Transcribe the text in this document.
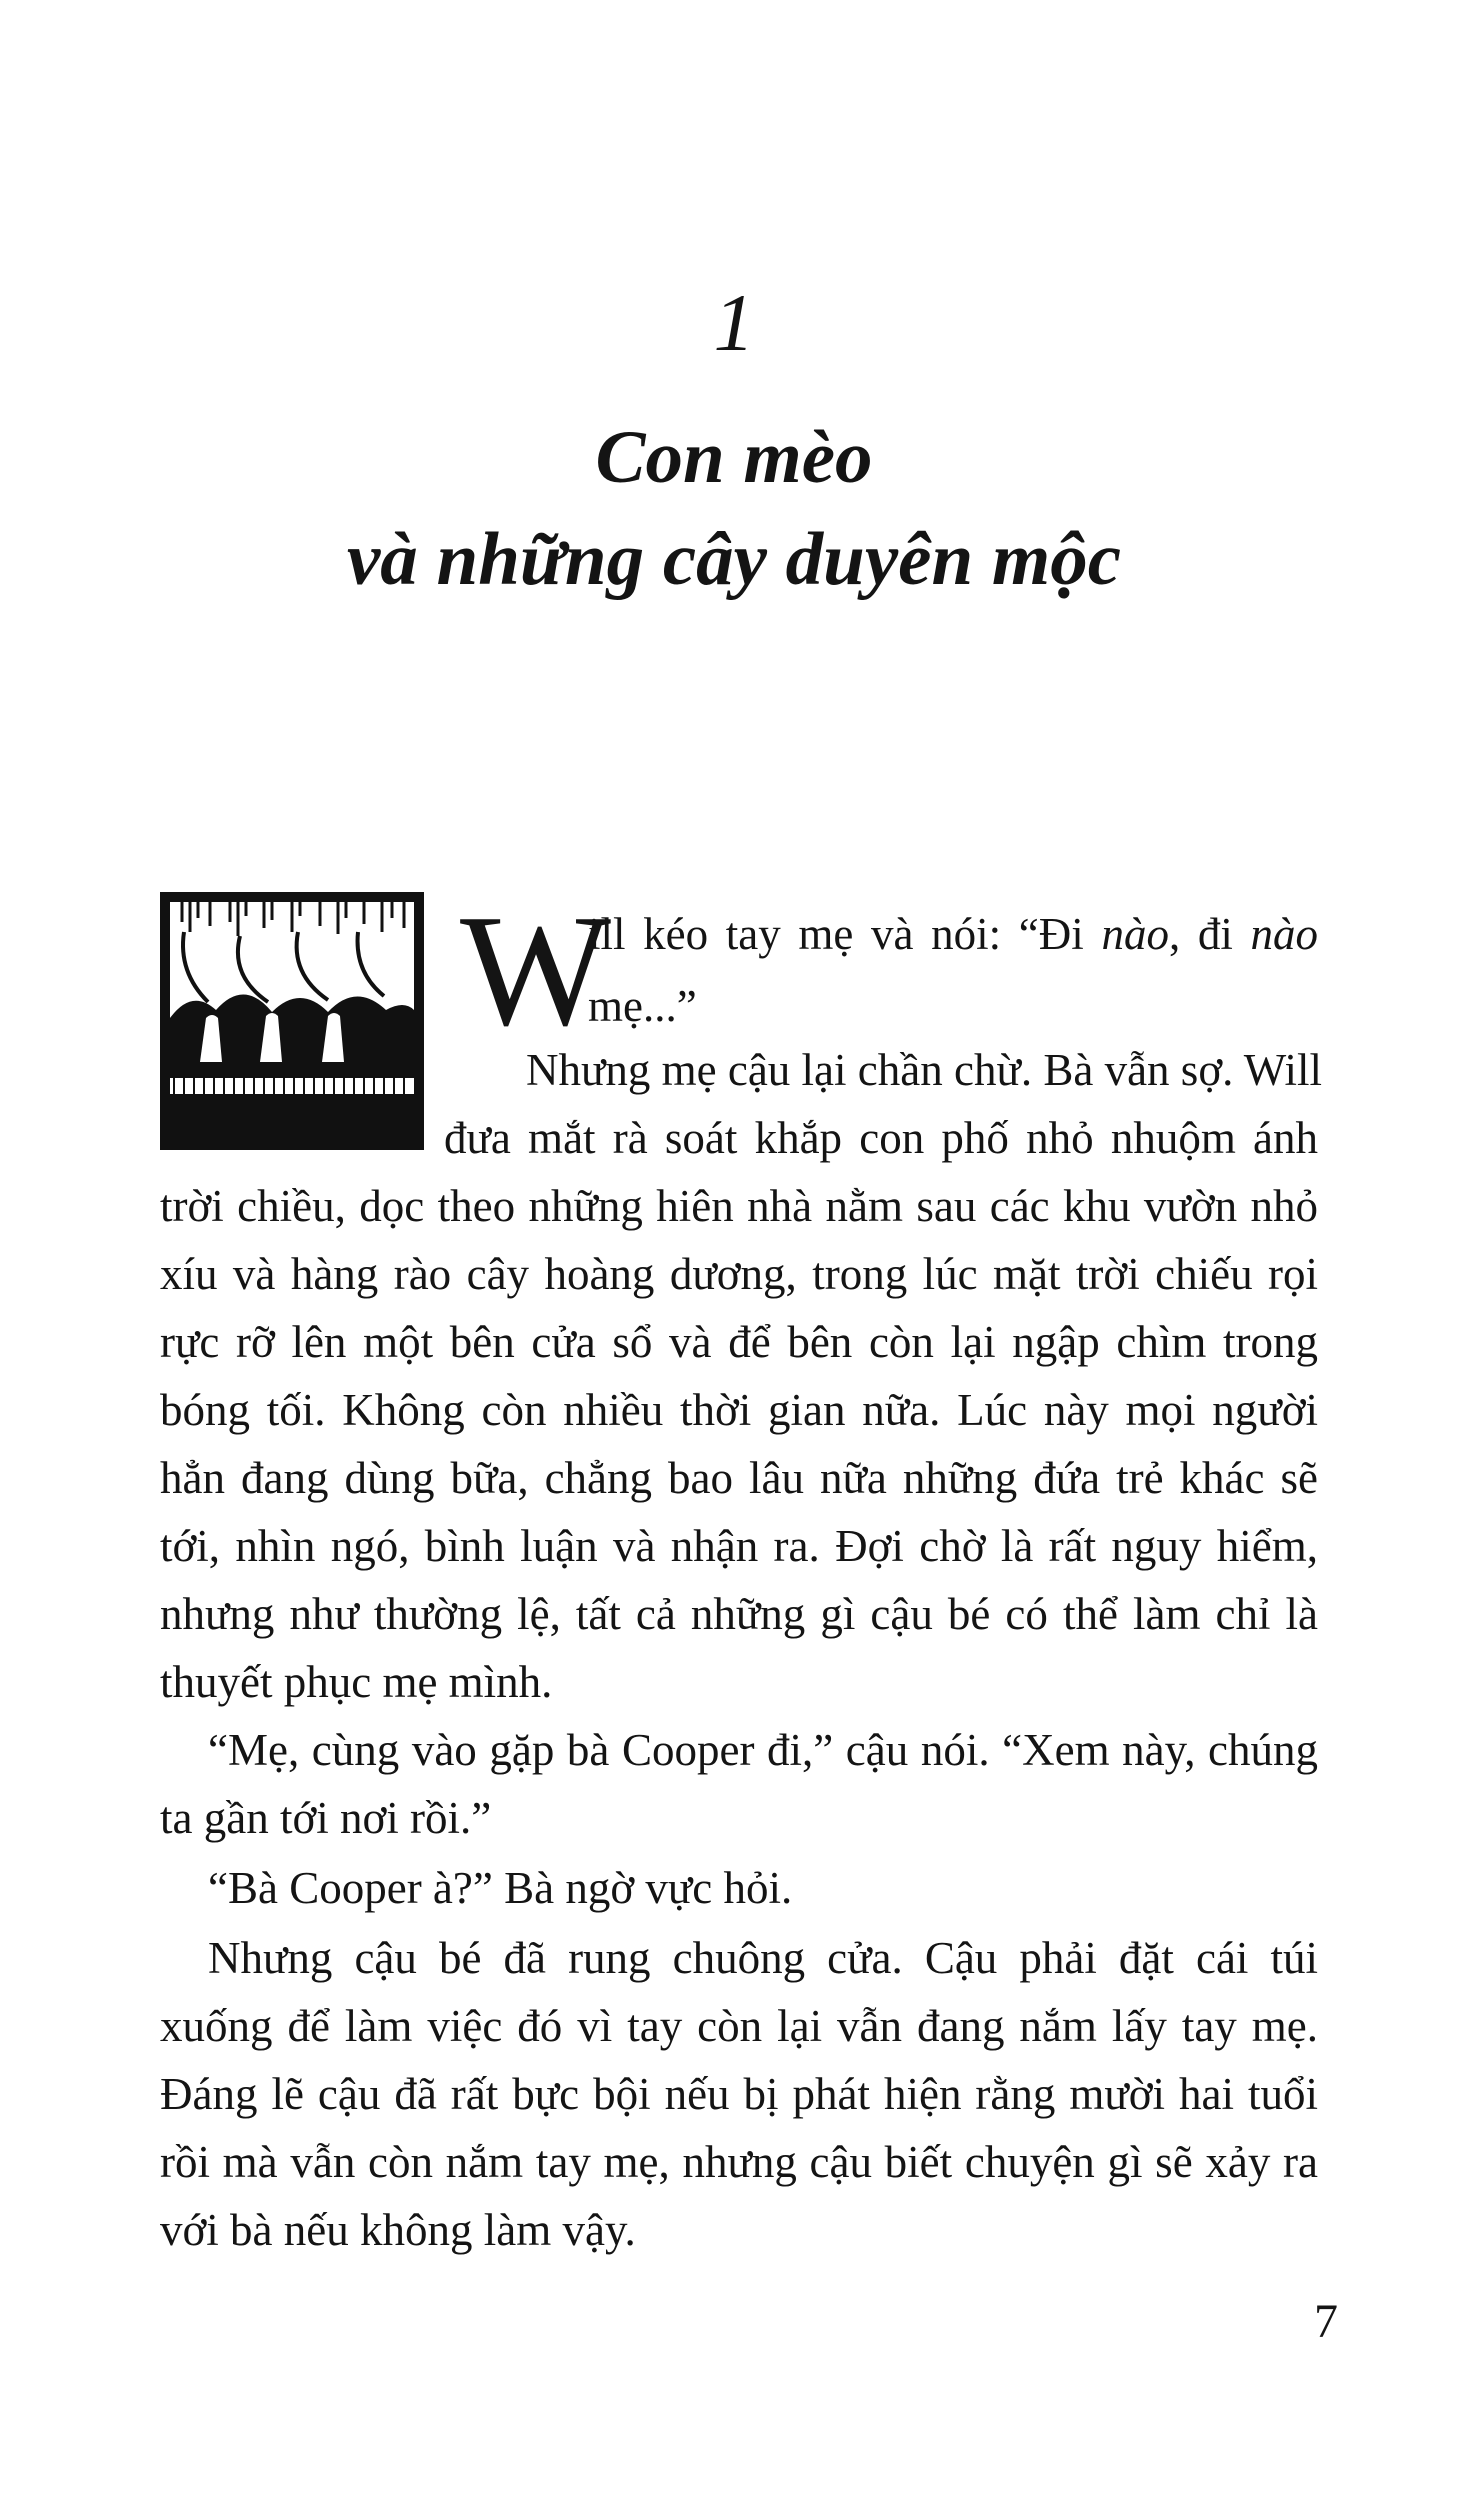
1
Con mèo
và những cây duyên mộc
W
ill kéo tay mẹ và nói: “Đi nào, đi nào
mẹ...”
Nhưng mẹ cậu lại chần chừ. Bà vẫn sợ. Will
đưa mắt rà soát khắp con phố nhỏ nhuộm ánh
trời chiều, dọc theo những hiên nhà nằm sau các khu vườn nhỏ
xíu và hàng rào cây hoàng dương, trong lúc mặt trời chiếu rọi
rực rỡ lên một bên cửa sổ và để bên còn lại ngập chìm trong
bóng tối. Không còn nhiều thời gian nữa. Lúc này mọi người
hẳn đang dùng bữa, chẳng bao lâu nữa những đứa trẻ khác sẽ
tới, nhìn ngó, bình luận và nhận ra. Đợi chờ là rất nguy hiểm,
nhưng như thường lệ, tất cả những gì cậu bé có thể làm chỉ là
thuyết phục mẹ mình.
“Mẹ, cùng vào gặp bà Cooper đi,” cậu nói. “Xem này, chúng
ta gần tới nơi rồi.”
“Bà Cooper à?” Bà ngờ vực hỏi.
Nhưng cậu bé đã rung chuông cửa. Cậu phải đặt cái túi
xuống để làm việc đó vì tay còn lại vẫn đang nắm lấy tay mẹ.
Đáng lẽ cậu đã rất bực bội nếu bị phát hiện rằng mười hai tuổi
rồi mà vẫn còn nắm tay mẹ, nhưng cậu biết chuyện gì sẽ xảy ra
với bà nếu không làm vậy.
7
